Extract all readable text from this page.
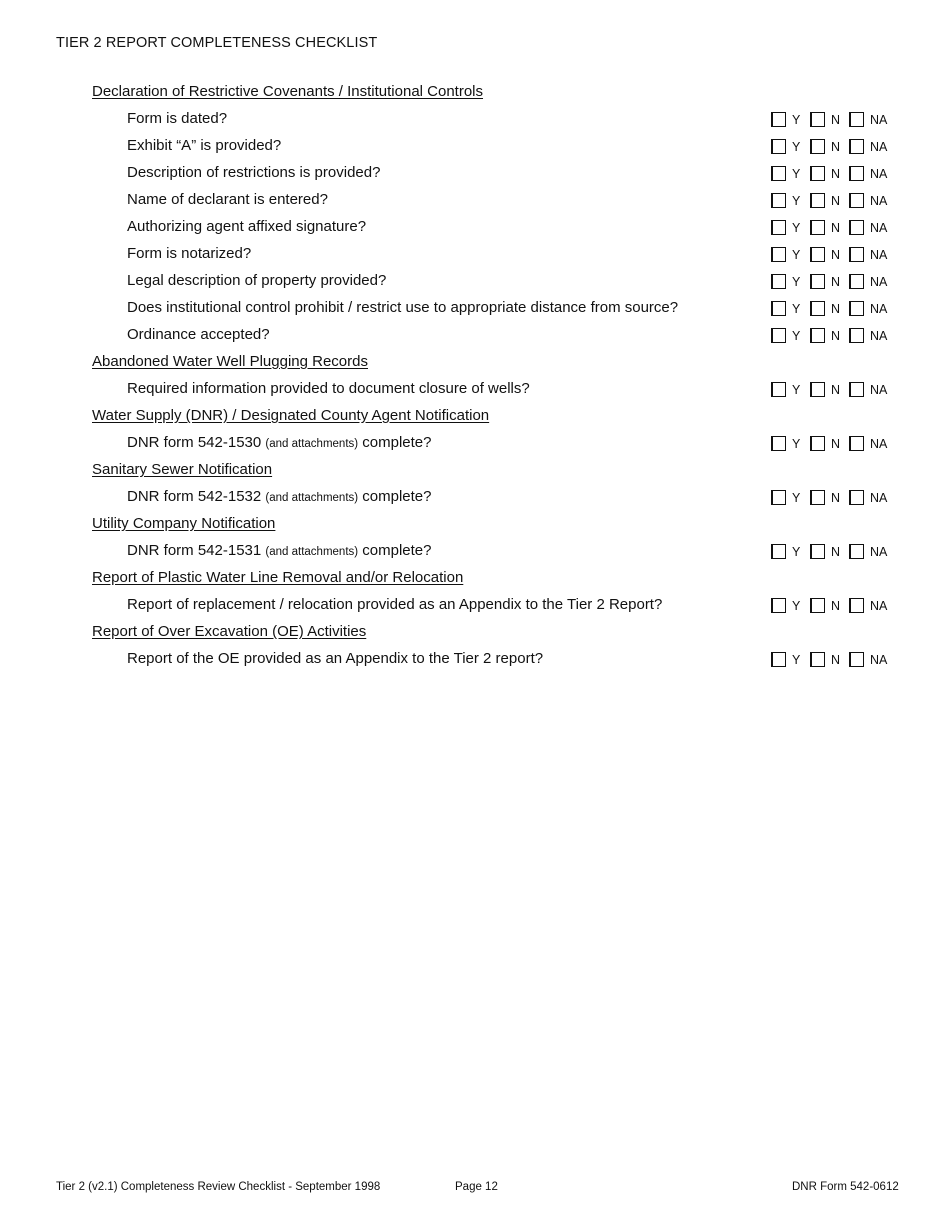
TIER 2 REPORT COMPLETENESS CHECKLIST
Declaration of Restrictive Covenants / Institutional Controls
Form is dated?	Y	N	NA
Exhibit “A” is provided?	Y	N	NA
Description of restrictions is provided?	Y	N	NA
Name of declarant is entered?	Y	N	NA
Authorizing agent affixed signature?	Y	N	NA
Form is notarized?	Y	N	NA
Legal description of property provided?	Y	N	NA
Does institutional control prohibit / restrict use to appropriate distance from source?	Y	N	NA
Ordinance accepted?	Y	N	NA
Abandoned Water Well Plugging Records
Required information provided to document closure of wells?	Y	N	NA
Water Supply (DNR) / Designated County Agent Notification
DNR form 542-1530 (and attachments) complete?	Y	N	NA
Sanitary Sewer Notification
DNR form 542-1532 (and attachments) complete?	Y	N	NA
Utility Company Notification
DNR form 542-1531 (and attachments) complete?	Y	N	NA
Report of Plastic Water Line Removal and/or Relocation
Report of replacement / relocation provided as an Appendix to the Tier 2 Report?	Y	N	NA
Report of Over Excavation (OE) Activities
Report of the OE provided as an Appendix to the Tier 2 report?	Y	N	NA
Tier 2 (v2.1) Completeness Review Checklist - September 1998	Page 12	DNR Form 542-0612
